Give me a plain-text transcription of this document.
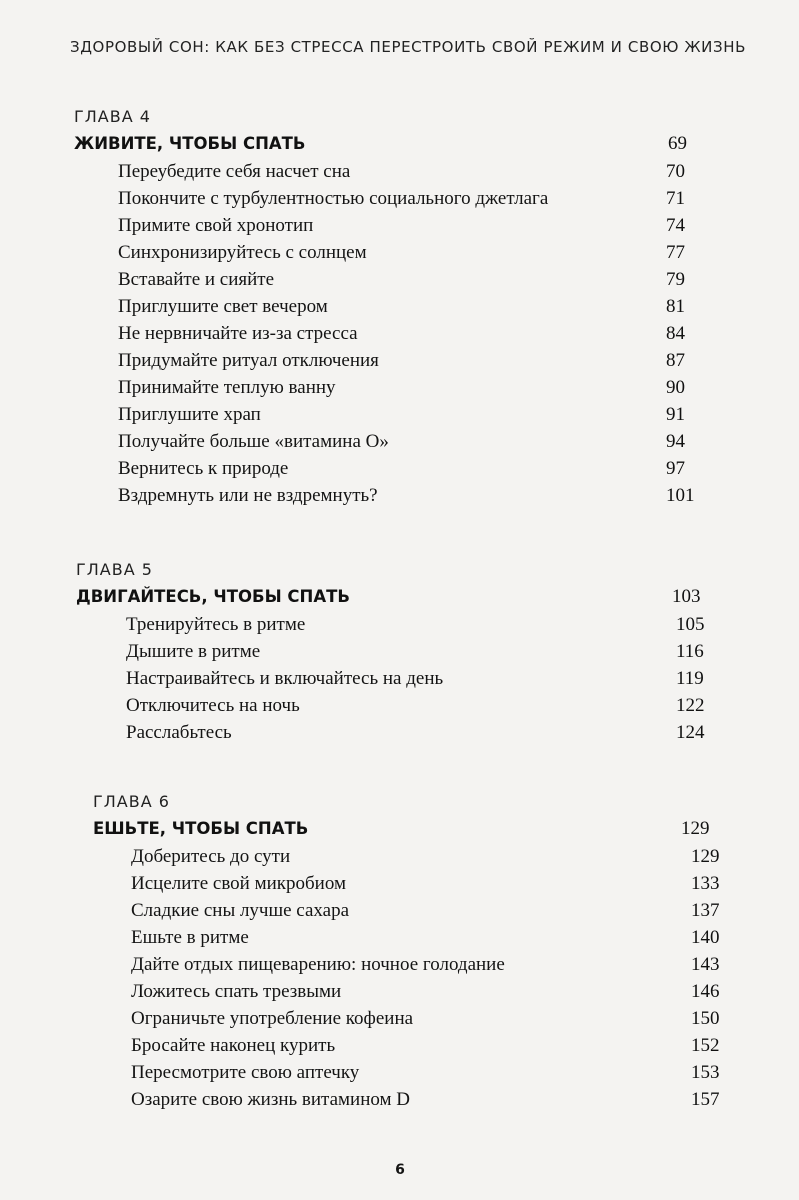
ЗДОРОВЫЙ СОН: КАК БЕЗ СТРЕССА ПЕРЕСТРОИТЬ СВОЙ РЕЖИМ И СВОЮ ЖИЗНЬ
ГЛАВА 4
ЖИВИТЕ, ЧТОБЫ СПАТЬ	69
Переубедите себя насчет сна	70
Покончите с турбулентностью социального джетлага	71
Примите свой хронотип	74
Синхронизируйтесь с солнцем	77
Вставайте и сияйте	79
Приглушите свет вечером	81
Не нервничайте из-за стресса	84
Придумайте ритуал отключения	87
Принимайте теплую ванну	90
Приглушите храп	91
Получайте больше «витамина О»	94
Вернитесь к природе	97
Вздремнуть или не вздремнуть?	101
ГЛАВА 5
ДВИГАЙТЕСЬ, ЧТОБЫ СПАТЬ	103
Тренируйтесь в ритме	105
Дышите в ритме	116
Настраивайтесь и включайтесь на день	119
Отключитесь на ночь	122
Расслабьтесь	124
ГЛАВА 6
ЕШЬТЕ, ЧТОБЫ СПАТЬ	129
Доберитесь до сути	129
Исцелите свой микробиом	133
Сладкие сны лучше сахара	137
Ешьте в ритме	140
Дайте отдых пищеварению: ночное голодание	143
Ложитесь спать трезвыми	146
Ограничьте употребление кофеина	150
Бросайте наконец курить	152
Пересмотрите свою аптечку	153
Озарите свою жизнь витамином D	157
6
